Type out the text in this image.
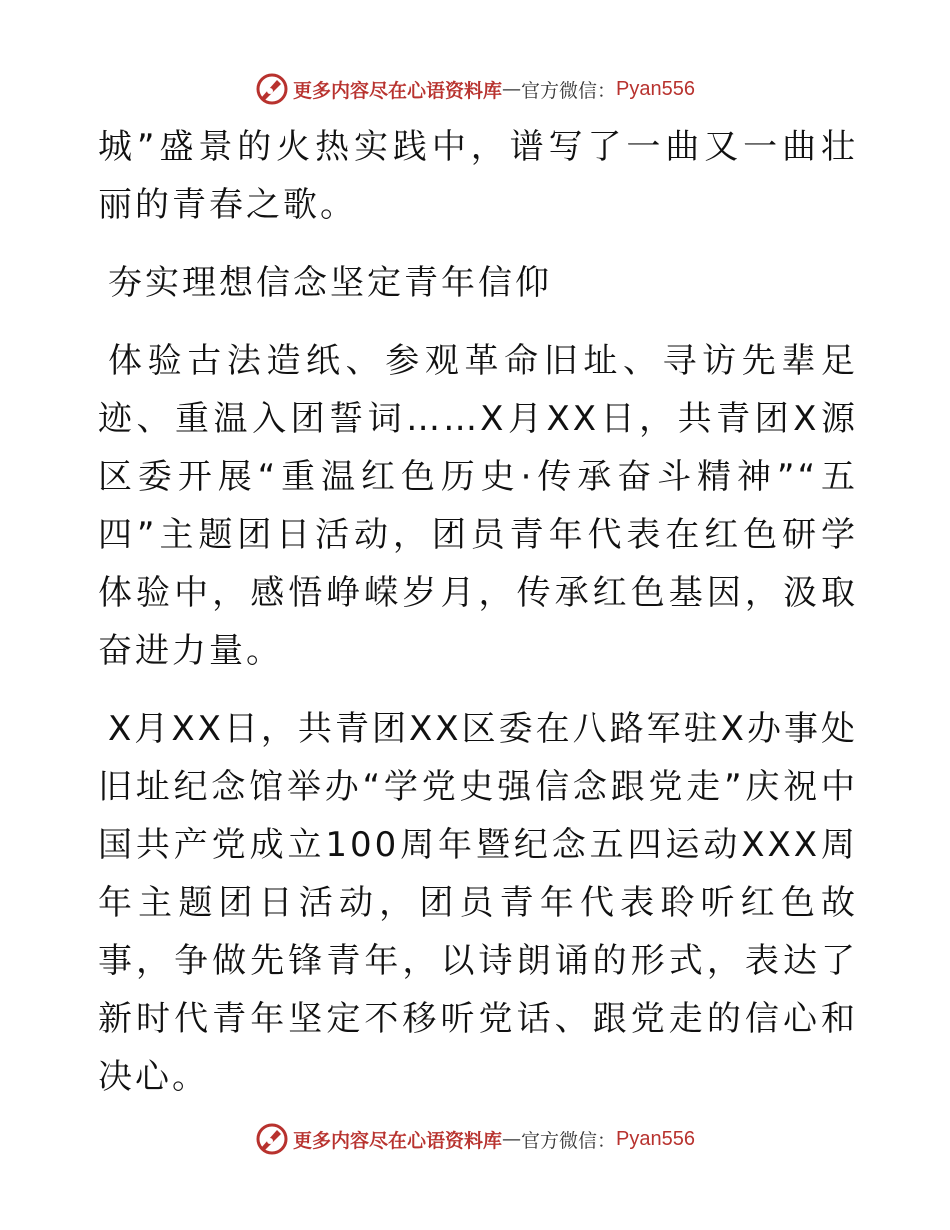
更多内容尽在心语资料库 — 官方微信： Pyan556

城”盛景的火热实践中，谱写了一曲又一曲壮丽的青春之歌。

夯实理想信念坚定青年信仰

体验古法造纸、参观革命旧址、寻访先辈足迹、重温入团誓词……X月XX日，共青团X源区委开展“重温红色历史·传承奋斗精神”“五四”主题团日活动，团员青年代表在红色研学体验中，感悟峥嵘岁月，传承红色基因，汲取奋进力量。

X月XX日，共青团XX区委在八路军驻X办事处旧址纪念馆举办“学党史强信念跟党走”庆祝中国共产党成立100周年暨纪念五四运动XXX周年主题团日活动，团员青年代表聆听红色故事，争做先锋青年，以诗朗诵的形式，表达了新时代青年坚定不移听党话、跟党走的信心和决心。

更多内容尽在心语资料库 — 官方微信： Pyan556
